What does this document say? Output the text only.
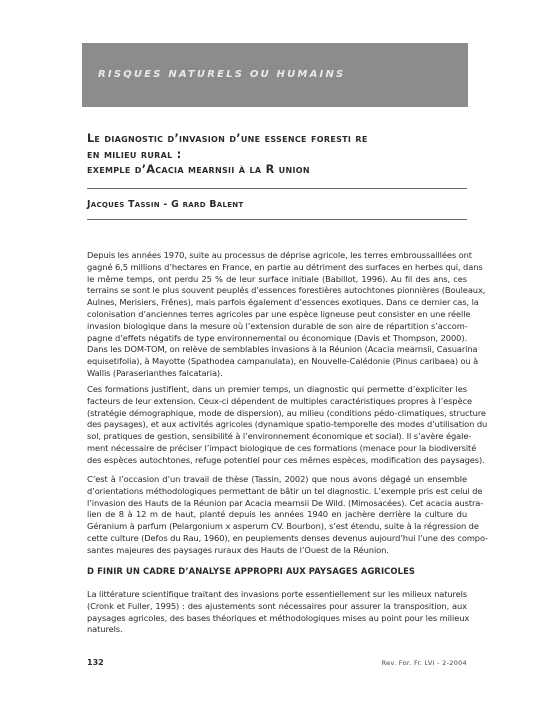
RISQUES NATURELS OU HUMAINS

Le diagnostic d’invasion d’une essence foresti re
en milieu rural :
exemple d’Acacia mearnsii à la R union

Jacques Tassin - G rard Balent

Depuis les années 1970, suite au processus de déprise agricole, les terres embroussaillées ont
gagné 6,5 millions d’hectares en France, en partie au détriment des surfaces en herbes qui, dans
le même temps, ont perdu 25 % de leur surface initiale (Babillot, 1996). Au fil des ans, ces
terrains se sont le plus souvent peuplés d’essences forestières autochtones pionnières (Bouleaux,
Aulnes, Merisiers, Frênes), mais parfois également d’essences exotiques. Dans ce dernier cas, la
colonisation d’anciennes terres agricoles par une espèce ligneuse peut consister en une réelle
invasion biologique dans la mesure où l’extension durable de son aire de répartition s’accom-
pagne d’effets négatifs de type environnemental ou économique (Davis et Thompson, 2000).
Dans les DOM-TOM, on relève de semblables invasions à la Réunion (Acacia mearnsii, Casuarina
equisetifolia), à Mayotte (Spathodea campanulata), en Nouvelle-Calédonie (Pinus caribaea) ou à
Wallis (Paraserianthes falcataria).

Ces formations justifient, dans un premier temps, un diagnostic qui permette d’expliciter les
facteurs de leur extension. Ceux-ci dépendent de multiples caractéristiques propres à l’espèce
(stratégie démographique, mode de dispersion), au milieu (conditions pédo-climatiques, structure
des paysages), et aux activités agricoles (dynamique spatio-temporelle des modes d’utilisation du
sol, pratiques de gestion, sensibilité à l’environnement économique et social). Il s’avère égale-
ment nécessaire de préciser l’impact biologique de ces formations (menace pour la biodiversité
des espèces autochtones, refuge potentiel pour ces mêmes espèces, modification des paysages).

C’est à l’occasion d’un travail de thèse (Tassin, 2002) que nous avons dégagé un ensemble
d’orientations méthodologiques permettant de bâtir un tel diagnostic. L’exemple pris est celui de
l’invasion des Hauts de la Réunion par Acacia mearnsii De Wild. (Mimosacées). Cet acacia austra-
lien de 8 à 12 m de haut, planté depuis les années 1940 en jachère derrière la culture du
Géranium à parfum (Pelargonium x asperum CV. Bourbon), s’est étendu, suite à la régression de
cette culture (Defos du Rau, 1960), en peuplements denses devenus aujourd’hui l’une des compo-
santes majeures des paysages ruraux des Hauts de l’Ouest de la Réunion.

D FINIR UN CADRE D’ANALYSE APPROPRI AUX PAYSAGES AGRICOLES

La littérature scientifique traitant des invasions porte essentiellement sur les milieux naturels
(Cronk et Fuller, 1995) : des ajustements sont nécessaires pour assurer la transposition, aux
paysages agricoles, des bases théoriques et méthodologiques mises au point pour les milieux
naturels.

132	Rev. For. Fr. LVI - 2-2004
